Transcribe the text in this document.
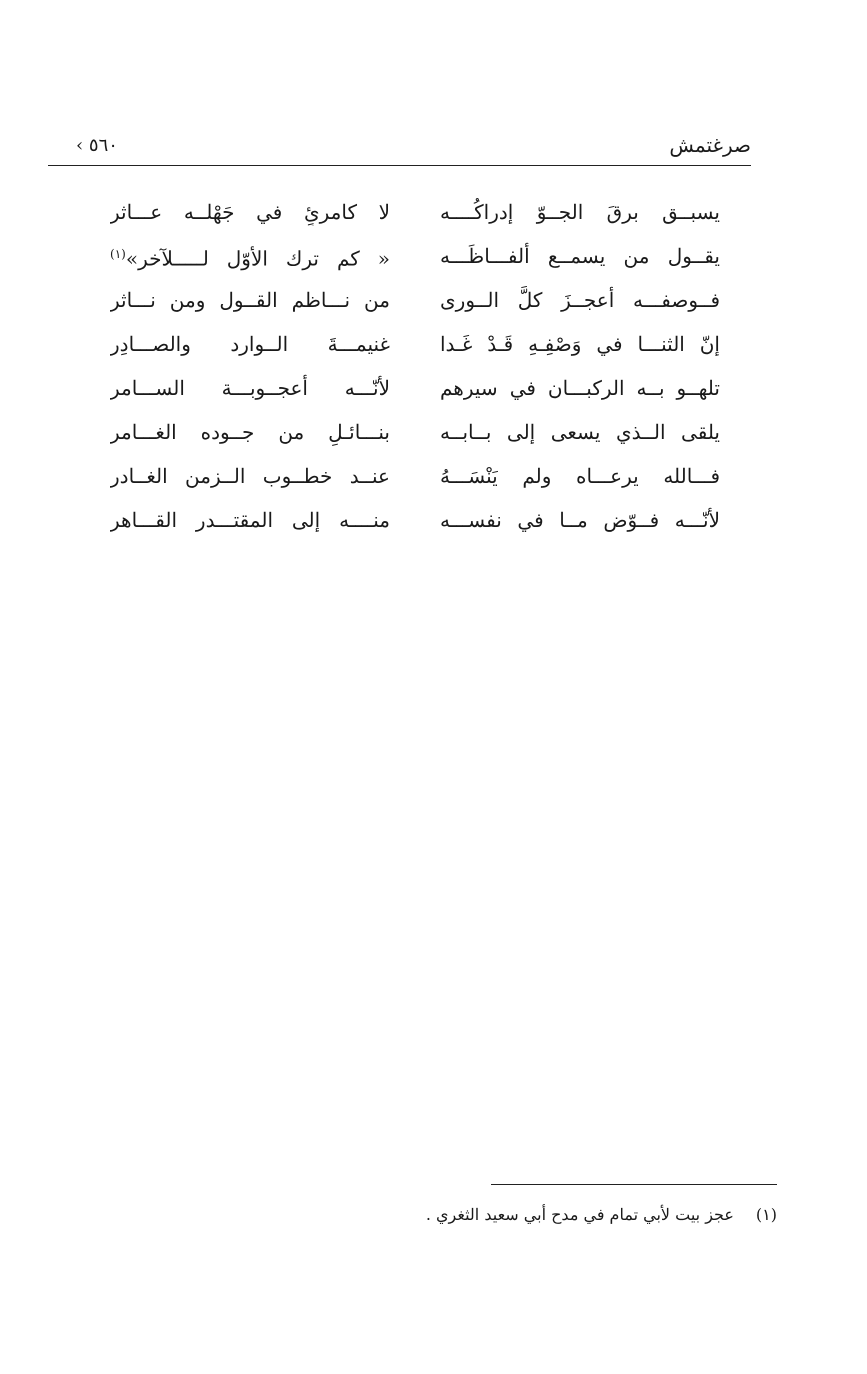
صرغتمش
٥٦٠ ›
يسبــق برقَ الجــوّ إدراكُــــه
لا كامرئٍ في جَهْلــه عـــاثر
يقــول من يسمــع ألفـــاظَـــه
« كم ترك الأوّل لـــــلآخر»$^{(١)}$
فــوصفـــه أعجــزَ كلَّ الــورى
من نـــاظم القــول ومن نـــاثر
إنّ الثنـــا في وَصْفِـهِ قَـدْ غَـدا
غنيمـــةَ الــوارد والصـــادِر
تلهــو بــه الركبـــان في سيرهم
لأنّـــه أعجــوبـــة الســـامر
يلقى الــذي يسعى إلى بــابــه
بنـــائـلٍ من جــوده الغـــامر
فـــالله يرعـــاه ولم يَنْسَـــهُ
عنــد خطــوب الــزمن الغــادر
لأنّـــه فــوّض مــا في نفســـه
منــــه إلى المقتـــدر القـــاهر
(١)عجز بيت لأبي تمام في مدح أبي سعيد الثغري .
